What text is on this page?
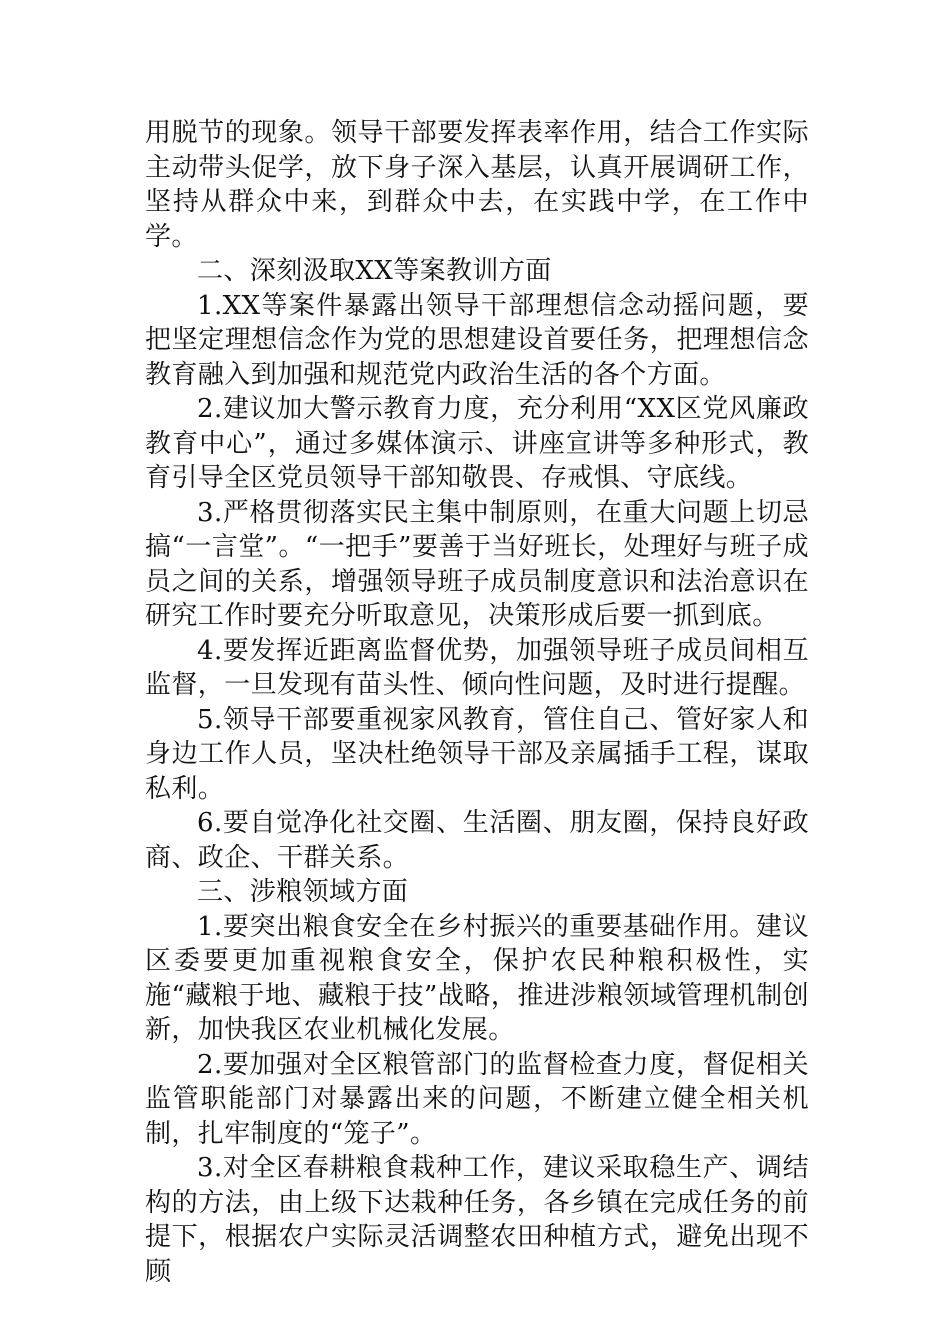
用脱节的现象。领导干部要发挥表率作用，结合工作实际主动带头促学，放下身子深入基层，认真开展调研工作，坚持从群众中来，到群众中去，在实践中学，在工作中学。

二、深刻汲取XX等案教训方面

1.XX等案件暴露出领导干部理想信念动摇问题，要把坚定理想信念作为党的思想建设首要任务，把理想信念教育融入到加强和规范党内政治生活的各个方面。

2.建议加大警示教育力度，充分利用“XX区党风廉政教育中心”，通过多媒体演示、讲座宣讲等多种形式，教育引导全区党员领导干部知敬畏、存戒惧、守底线。

3.严格贯彻落实民主集中制原则，在重大问题上切忌搞“一言堂”。“一把手”要善于当好班长，处理好与班子成员之间的关系，增强领导班子成员制度意识和法治意识在研究工作时要充分听取意见，决策形成后要一抓到底。

4.要发挥近距离监督优势，加强领导班子成员间相互监督，一旦发现有苗头性、倾向性问题，及时进行提醒。

5.领导干部要重视家风教育，管住自己、管好家人和身边工作人员，坚决杜绝领导干部及亲属插手工程，谋取私利。

6.要自觉净化社交圈、生活圈、朋友圈，保持良好政商、政企、干群关系。

三、涉粮领域方面

1.要突出粮食安全在乡村振兴的重要基础作用。建议区委要更加重视粮食安全，保护农民种粮积极性，实施“藏粮于地、藏粮于技”战略，推进涉粮领域管理机制创新，加快我区农业机械化发展。

2.要加强对全区粮管部门的监督检查力度，督促相关监管职能部门对暴露出来的问题，不断建立健全相关机制，扎牢制度的“笼子”。

3.对全区春耕粮食栽种工作，建议采取稳生产、调结构的方法，由上级下达栽种任务，各乡镇在完成任务的前提下，根据农户实际灵活调整农田种植方式，避免出现不顾
